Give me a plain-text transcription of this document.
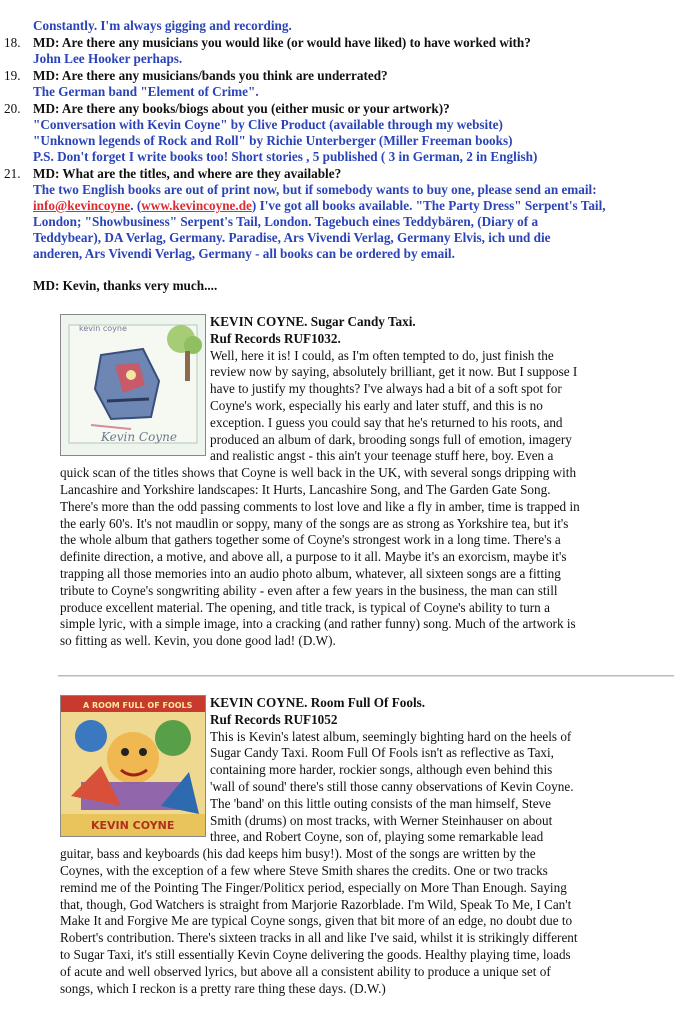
Constantly. I'm always gigging and recording.
18. MD: Are there any musicians you would like (or would have liked) to have worked with?
John Lee Hooker perhaps.
19. MD: Are there any musicians/bands you think are underrated?
The German band "Element of Crime".
20. MD: Are there any books/biogs about you (either music or your artwork)?
"Conversation with Kevin Coyne" by Clive Product (available through my website)
"Unknown legends of Rock and Roll" by Richie Unterberger (Miller Freeman books)
P.S. Don't forget I write books too! Short stories , 5 published ( 3 in German, 2 in English)
21. MD: What are the titles, and where are they available?
The two English books are out of print now, but if somebody wants to buy one, please send an email:
info@kevincoyne. (www.kevincoyne.de) I've got all books available. "The Party Dress" Serpent's Tail,
London; "Showbusiness" Serpent's Tail, London. Tagebuch eines Teddybären, (Diary of a
Teddybear), DA Verlag, Germany. Paradise, Ars Vivendi Verlag, Germany Elvis, ich und die
anderen, Ars Vivendi Verlag, Germany - all books can be ordered by email.
MD: Kevin, thanks very much....
kevin coyne
Kevin Coyne
KEVIN COYNE. Sugar Candy Taxi.
Ruf Records RUF1032.
Well, here it is! I could, as I'm often tempted to do, just finish the review now by saying, absolutely brilliant, get it now. But I suppose I have to justify my thoughts? I've always had a bit of a soft spot for Coyne's work, especially his early and later stuff, and this is no exception. I guess you could say that he's returned to his roots, and produced an album of dark, brooding songs full of emotion, imagery and realistic angst - this ain't your teenage stuff here, boy. Even a quick scan of the titles shows that Coyne is well back in the UK, with several songs dripping with Lancashire and Yorkshire landscapes: It Hurts, Lancashire Song, and The Garden Gate Song. There's more than the odd passing comments to lost love and like a fly in amber, time is trapped in the early 60's. It's not maudlin or soppy, many of the songs are as strong as Yorkshire tea, but it's the whole album that gathers together some of Coyne's strongest work in a long time. There's a definite direction, a motive, and above all, a purpose to it all. Maybe it's an exorcism, maybe it's trapping all those memories into an audio photo album, whatever, all sixteen songs are a fitting tribute to Coyne's songwriting ability - even after a few years in the business, the man can still produce excellent material. The opening, and title track, is typical of Coyne's ability to turn a simple lyric, with a simple image, into a cracking (and rather funny) song. Much of the artwork is so fitting as well. Kevin, you done good lad! (D.W).
A ROOM FULL OF FOOLS
KEVIN COYNE
KEVIN COYNE. Room Full Of Fools.
Ruf Records RUF1052
This is Kevin's latest album, seemingly bighting hard on the heels of Sugar Candy Taxi. Room Full Of Fools isn't as reflective as Taxi, containing more harder, rockier songs, although even behind this 'wall of sound' there's still those canny observations of Kevin Coyne. The 'band' on this little outing consists of the man himself, Steve Smith (drums) on most tracks, with Werner Steinhauser on about three, and Robert Coyne, son of, playing some remarkable lead guitar, bass and keyboards (his dad keeps him busy!). Most of the songs are written by the Coynes, with the exception of a few where Steve Smith shares the credits. One or two tracks remind me of the Pointing The Finger/Politicx period, especially on More Than Enough. Saying that, though, God Watchers is straight from Marjorie Razorblade. I'm Wild, Speak To Me, I Can't Make It and Forgive Me are typical Coyne songs, given that bit more of an edge, no doubt due to Robert's contribution. There's sixteen tracks in all and like I've said, whilst it is strikingly different to Sugar Taxi, it's still essentially Kevin Coyne delivering the goods. Healthy playing time, loads of acute and well observed lyrics, but above all a consistent ability to produce a unique set of songs, which I reckon is a pretty rare thing these days. (D.W.)
